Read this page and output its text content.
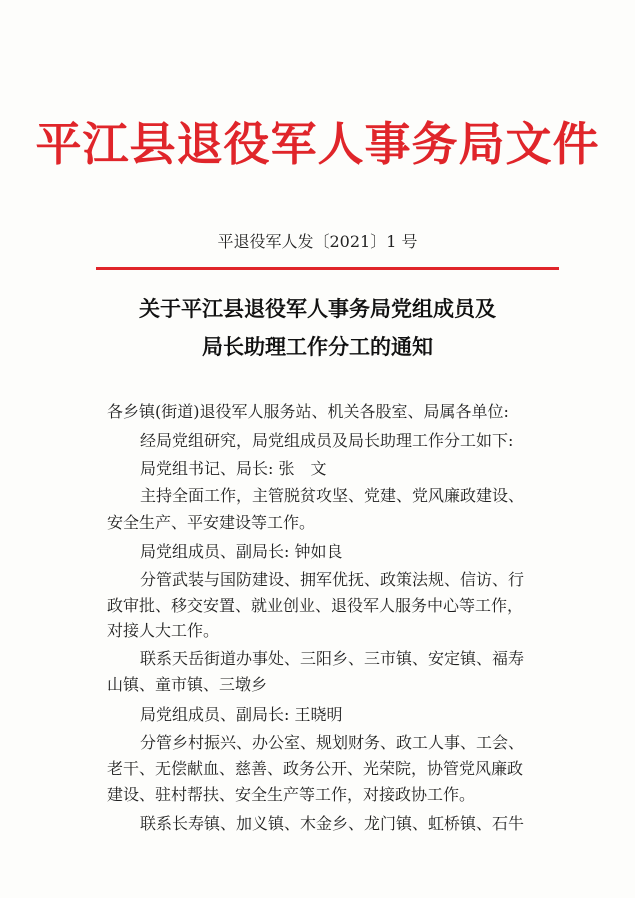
平江县退役军人事务局文件
平退役军人发〔2021〕1 号
关于平江县退役军人事务局党组成员及
局长助理工作分工的通知
各乡镇(街道)退役军人服务站、机关各股室、局属各单位:
经局党组研究，局党组成员及局长助理工作分工如下:
局党组书记、局长: 张　文
主持全面工作，主管脱贫攻坚、党建、党风廉政建设、
安全生产、平安建设等工作。
局党组成员、副局长: 钟如良
分管武装与国防建设、拥军优抚、政策法规、信访、行
政审批、移交安置、就业创业、退役军人服务中心等工作，
对接人大工作。
联系天岳街道办事处、三阳乡、三市镇、安定镇、福寿
山镇、童市镇、三墩乡
局党组成员、副局长: 王晓明
分管乡村振兴、办公室、规划财务、政工人事、工会、
老干、无偿献血、慈善、政务公开、光荣院，协管党风廉政
建设、驻村帮扶、安全生产等工作，对接政协工作。
联系长寿镇、加义镇、木金乡、龙门镇、虹桥镇、石牛
